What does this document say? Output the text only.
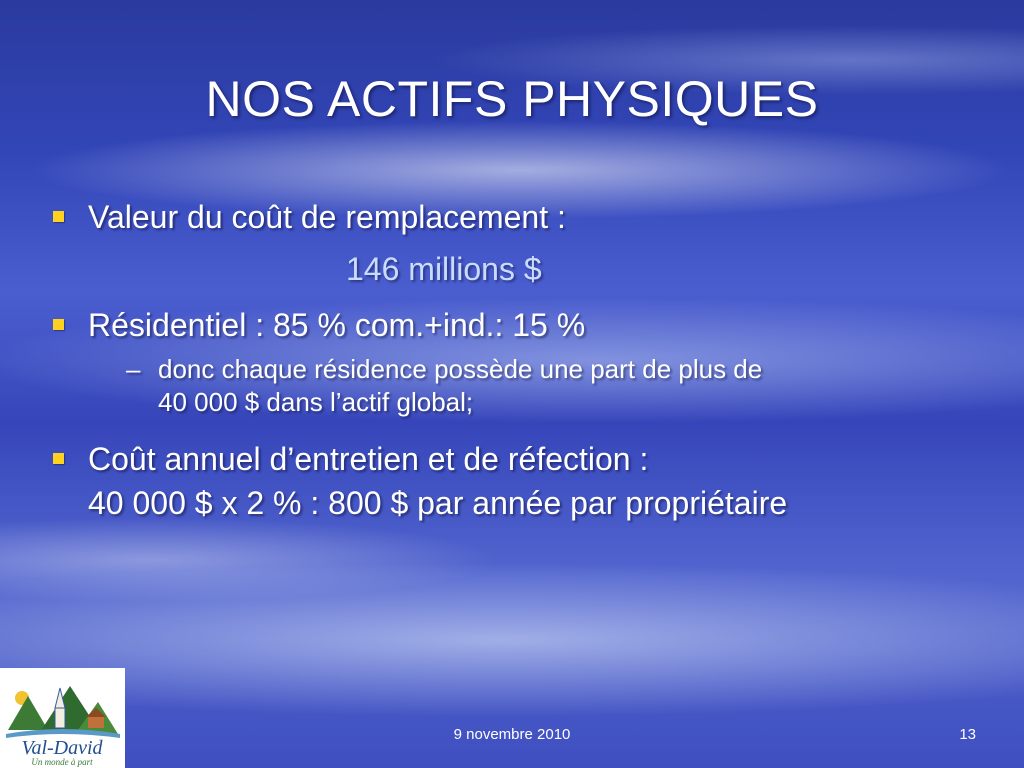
NOS ACTIFS PHYSIQUES
Valeur du coût de remplacement :
146 millions $
Résidentiel : 85 % com.+ind.: 15 %
– donc chaque résidence possède une part de plus de
40 000 $ dans l’actif global;
Coût annuel d’entretien et de réfection :
40 000 $ x 2 % : 800 $ par année par propriétaire
Val-David
Un monde à part
9 novembre 2010	13
